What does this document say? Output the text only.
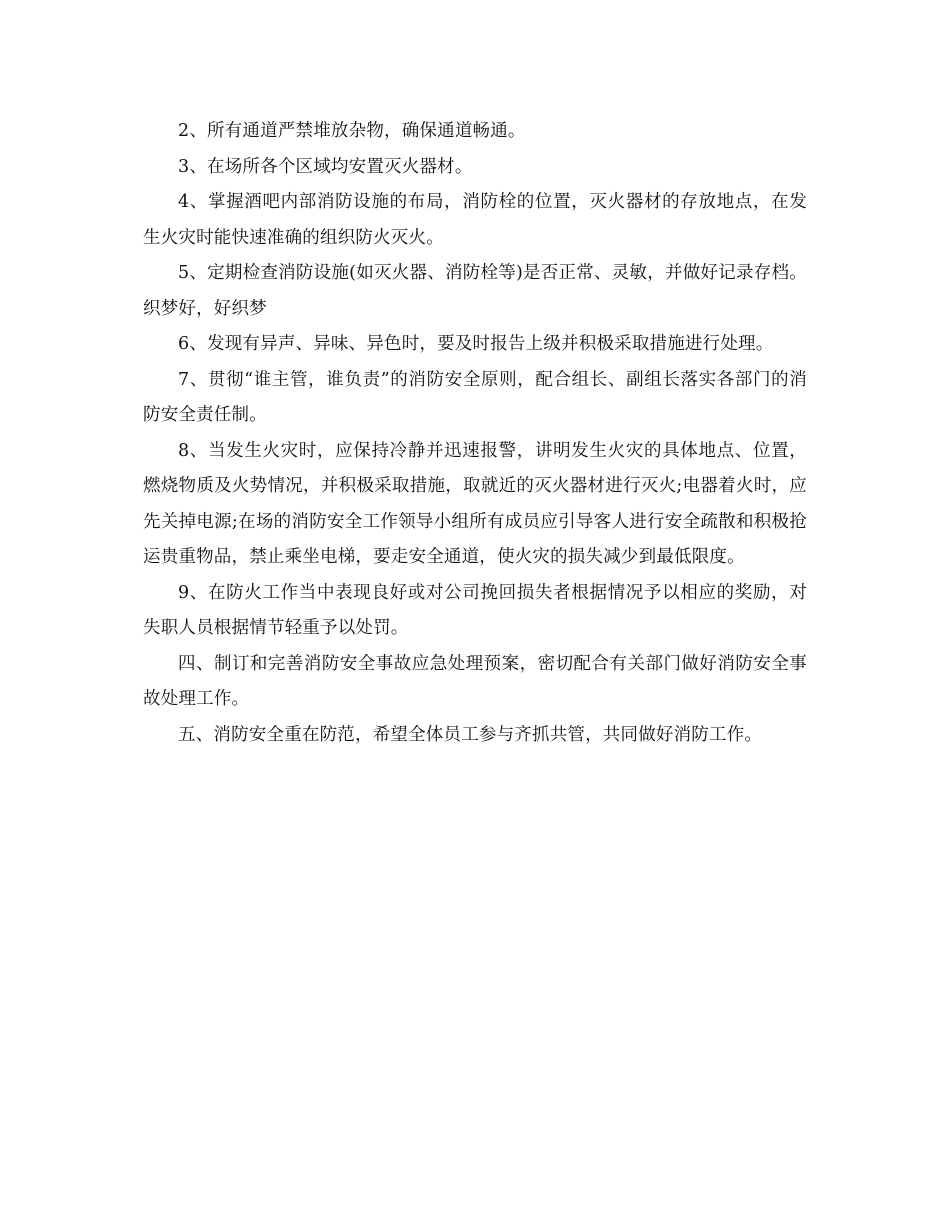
2、所有通道严禁堆放杂物，确保通道畅通。

3、在场所各个区域均安置灭火器材。

4、掌握酒吧内部消防设施的布局，消防栓的位置，灭火器材的存放地点，在发生火灾时能快速准确的组织防火灭火。

5、定期检查消防设施(如灭火器、消防栓等)是否正常、灵敏，并做好记录存档。 织梦好，好织梦

6、发现有异声、异味、异色时，要及时报告上级并积极采取措施进行处理。

7、贯彻“谁主管，谁负责”的消防安全原则，配合组长、副组长落实各部门的消防安全责任制。

8、当发生火灾时，应保持冷静并迅速报警，讲明发生火灾的具体地点、位置，燃烧物质及火势情况，并积极采取措施，取就近的灭火器材进行灭火;电器着火时，应先关掉电源;在场的消防安全工作领导小组所有成员应引导客人进行安全疏散和积极抢运贵重物品，禁止乘坐电梯，要走安全通道，使火灾的损失减少到最低限度。

9、在防火工作当中表现良好或对公司挽回损失者根据情况予以相应的奖励，对失职人员根据情节轻重予以处罚。

四、制订和完善消防安全事故应急处理预案，密切配合有关部门做好消防安全事故处理工作。

五、消防安全重在防范，希望全体员工参与齐抓共管，共同做好消防工作。
